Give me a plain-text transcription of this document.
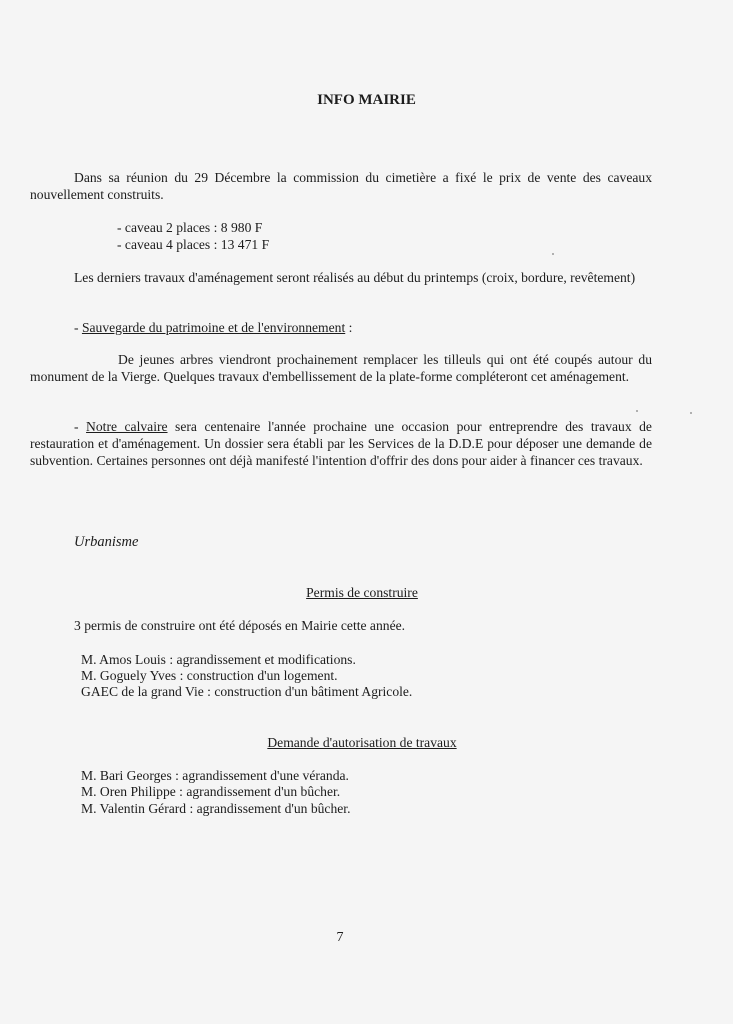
INFO MAIRIE
Dans sa réunion du 29 Décembre la commission du cimetière a fixé le prix de vente des caveaux nouvellement construits.
- caveau 2 places : 8 980 F
- caveau 4 places : 13 471 F
Les derniers travaux d'aménagement seront réalisés au début du printemps (croix, bordure, revêtement)
- Sauvegarde du patrimoine et de l'environnement :
De jeunes arbres viendront prochainement remplacer les tilleuls qui ont été coupés autour du monument de la Vierge. Quelques travaux d'embellissement de la plate-forme compléteront cet aménagement.
- Notre calvaire sera centenaire l'année prochaine une occasion pour entreprendre des travaux de restauration et d'aménagement. Un dossier sera établi par les Services de la D.D.E pour déposer une demande de subvention. Certaines personnes ont déjà manifesté l'intention d'offrir des dons pour aider à financer ces travaux.
Urbanisme
Permis de construire
3 permis de construire ont été déposés en Mairie cette année.
M. Amos Louis : agrandissement et modifications.
M. Goguely Yves : construction d'un logement.
GAEC de la grand Vie : construction d'un bâtiment Agricole.
Demande d'autorisation de travaux
M. Bari Georges : agrandissement d'une véranda.
M. Oren Philippe : agrandissement d'un bûcher.
M. Valentin Gérard : agrandissement d'un bûcher.
7
